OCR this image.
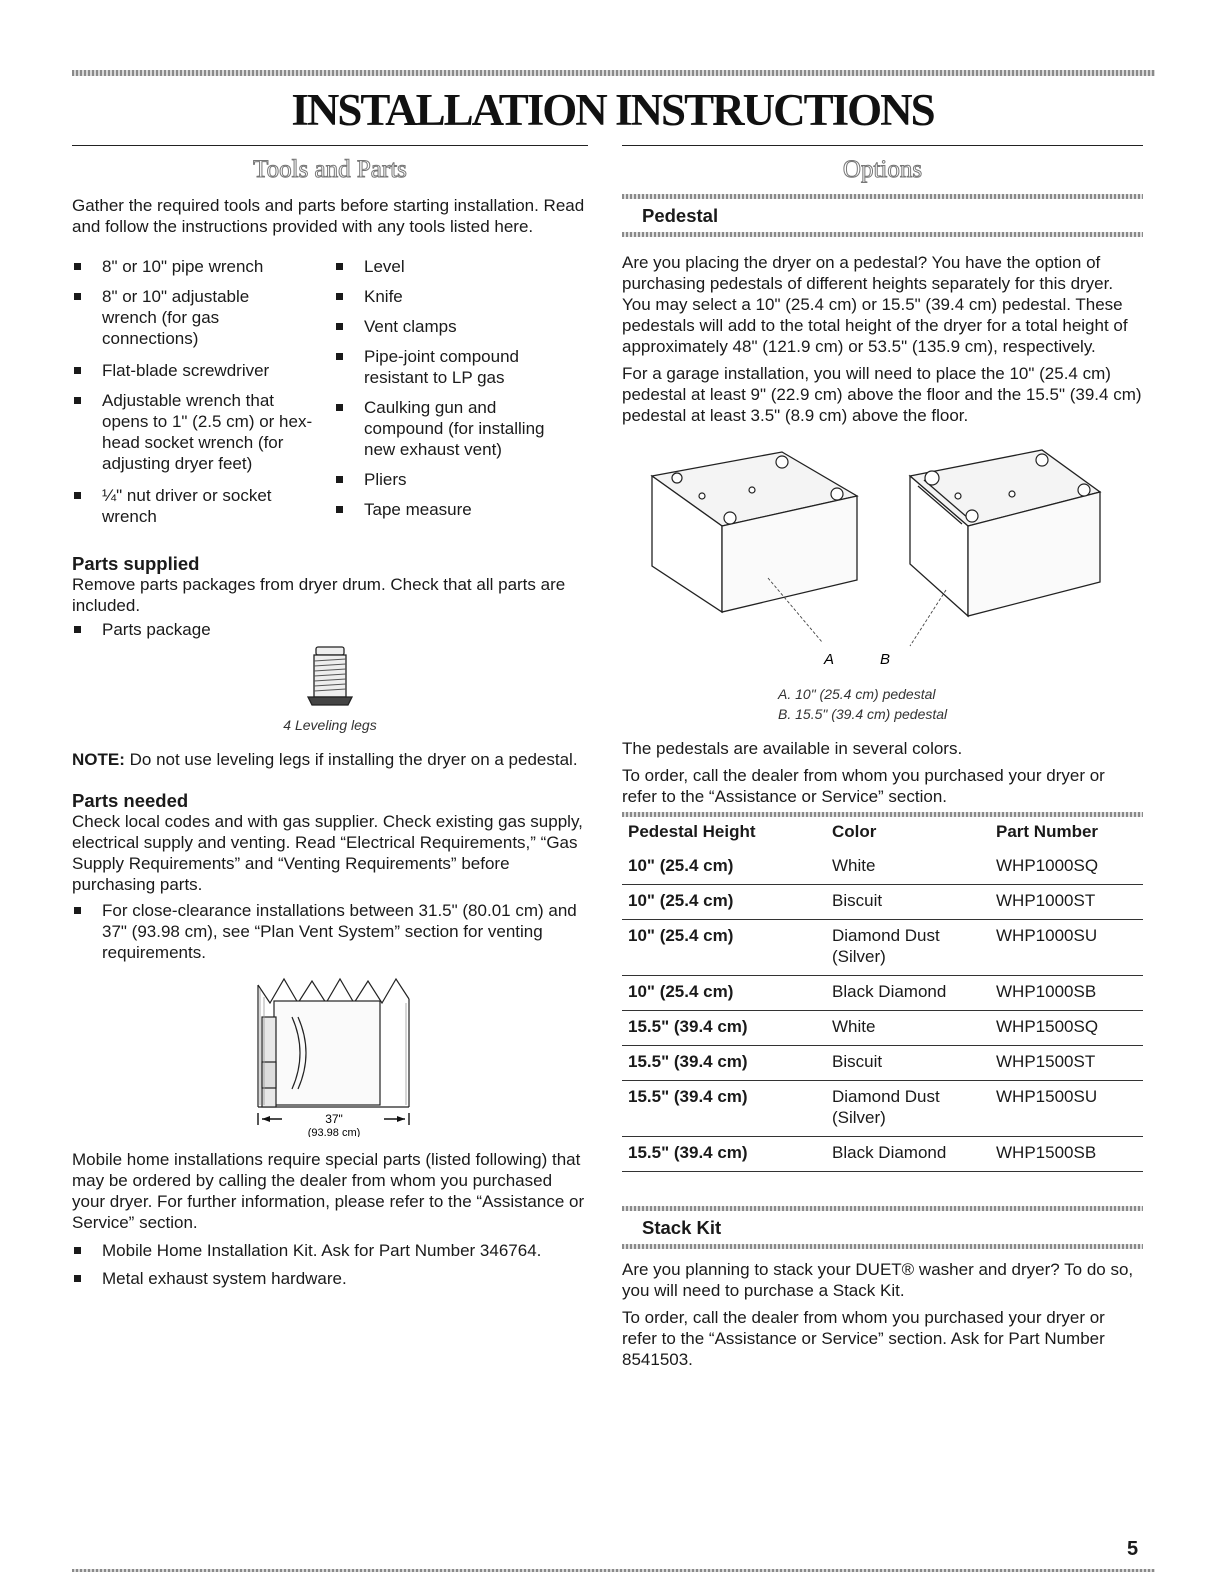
INSTALLATION INSTRUCTIONS
Tools and Parts

Gather the required tools and parts before starting installation. Read and follow the instructions provided with any tools listed here.

8" or 10" pipe wrench
8" or 10" adjustable wrench (for gas connections)
Flat-blade screwdriver
Adjustable wrench that opens to 1" (2.5 cm) or hex-head socket wrench (for adjusting dryer feet)
¼" nut driver or socket wrench
Level
Knife
Vent clamps
Pipe-joint compound resistant to LP gas
Caulking gun and compound (for installing new exhaust vent)
Pliers
Tape measure

Parts supplied

Remove parts packages from dryer drum. Check that all parts are included.

Parts package

4 Leveling legs

NOTE: Do not use leveling legs if installing the dryer on a pedestal.

Parts needed

Check local codes and with gas supplier. Check existing gas supply, electrical supply and venting. Read “Electrical Requirements,” “Gas Supply Requirements” and “Venting Requirements” before purchasing parts.

For close-clearance installations between 31.5" (80.01 cm) and 37" (93.98 cm), see “Plan Vent System” section for venting requirements.
37"
(93.98 cm)

Mobile home installations require special parts (listed following) that may be ordered by calling the dealer from whom you purchased your dryer. For further information, please refer to the “Assistance or Service” section.

Mobile Home Installation Kit. Ask for Part Number 346764.
Metal exhaust system hardware.
Options

Pedestal

Are you placing the dryer on a pedestal? You have the option of purchasing pedestals of different heights separately for this dryer. You may select a 10" (25.4 cm) or 15.5" (39.4 cm) pedestal. These pedestals will add to the total height of the dryer for a total height of approximately 48" (121.9 cm) or 53.5" (135.9 cm), respectively.

For a garage installation, you will need to place the 10" (25.4 cm) pedestal at least 9" (22.9 cm) above the floor and the 15.5" (39.4 cm) pedestal at least 3.5" (8.9 cm) above the floor.

A	B

A. 10" (25.4 cm) pedestal

B. 15.5" (39.4 cm) pedestal

The pedestals are available in several colors.

To order, call the dealer from whom you purchased your dryer or refer to the “Assistance or Service” section.

Pedestal Height	Color	Part Number
10" (25.4 cm)	White	WHP1000SQ
10" (25.4 cm)	Biscuit	WHP1000ST
10" (25.4 cm)	Diamond Dust (Silver)	WHP1000SU
10" (25.4 cm)	Black Diamond	WHP1000SB
15.5" (39.4 cm)	White	WHP1500SQ
15.5" (39.4 cm)	Biscuit	WHP1500ST
15.5" (39.4 cm)	Diamond Dust (Silver)	WHP1500SU
15.5" (39.4 cm)	Black Diamond	WHP1500SB

Stack Kit

Are you planning to stack your DUET® washer and dryer? To do so, you will need to purchase a Stack Kit.

To order, call the dealer from whom you purchased your dryer or refer to the “Assistance or Service” section. Ask for Part Number 8541503.

5
